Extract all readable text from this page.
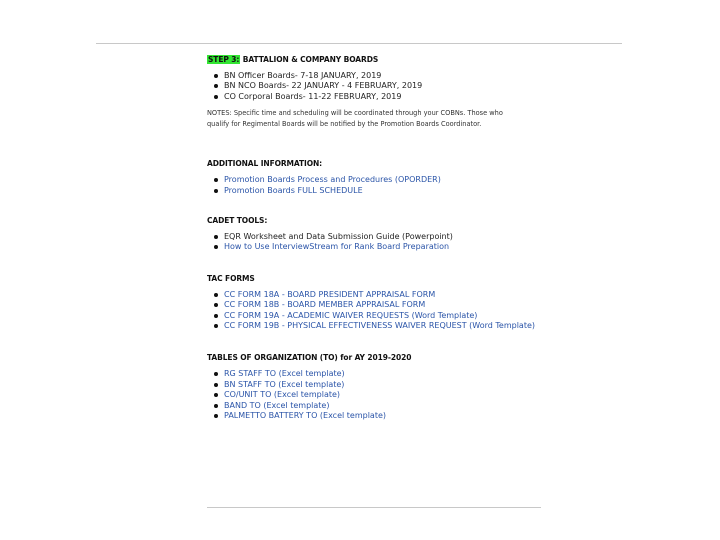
STEP 3: BATTALION & COMPANY BOARDS

BN Officer Boards- 7-18 JANUARY, 2019
BN NCO Boards- 22 JANUARY - 4 FEBRUARY, 2019
CO Corporal Boards- 11-22 FEBRUARY, 2019
NOTES: Specific time and scheduling will be coordinated through your COBNs. Those who
qualify for Regimental Boards will be notified by the Promotion Boards Coordinator.

ADDITIONAL INFORMATION:

Promotion Boards Process and Procedures (OPORDER)
Promotion Boards FULL SCHEDULE

CADET TOOLS:

EQR Worksheet and Data Submission Guide (Powerpoint)
How to Use InterviewStream for Rank Board Preparation

TAC FORMS

CC FORM 18A - BOARD PRESIDENT APPRAISAL FORM
CC FORM 18B - BOARD MEMBER APPRAISAL FORM
CC FORM 19A - ACADEMIC WAIVER REQUESTS (Word Template)
CC FORM 19B - PHYSICAL EFFECTIVENESS WAIVER REQUEST (Word Template)

TABLES OF ORGANIZATION (TO) for AY 2019-2020

RG STAFF TO (Excel template)
BN STAFF TO (Excel template)
CO/UNIT TO (Excel template)
BAND TO (Excel template)
PALMETTO BATTERY TO (Excel template)
